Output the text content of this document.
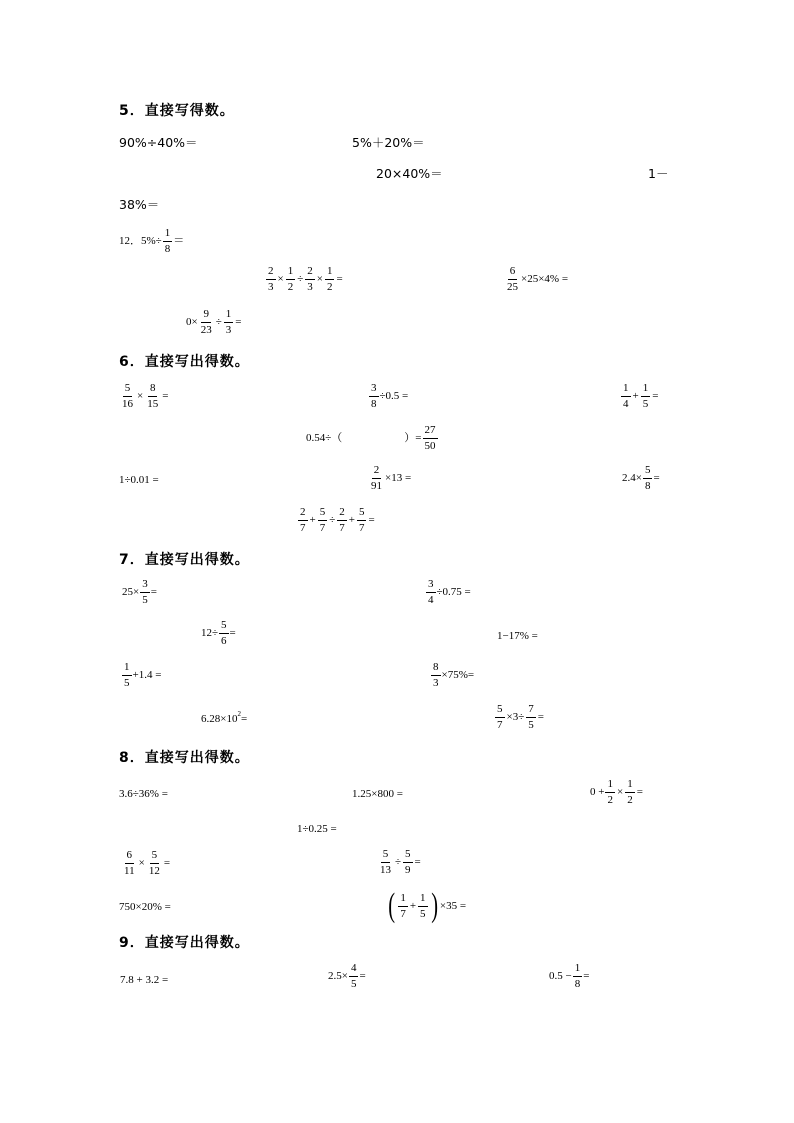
5．直接写得数。
90%÷40%＝	5%＋20%＝
20×40%＝	1－
38%＝
12．$5\%\div \frac{1}{8}$ ＝
$\frac{2}{3} \times \frac{1}{2} \div \frac{2}{3} \times \frac{1}{2}$ =	$\frac{6}{25} \times 25\times 4\%$ =
$0\times \frac{9}{23} \div \frac{1}{3}$ =
6．直接写出得数。
$\frac{5}{16} \times \frac{8}{15}$ =	$\frac{3}{8} \div 0.5$ =	$\frac{1}{4} + \frac{1}{5}$ =
0.54÷（	）= $\frac{27}{50}$
1÷0.01 =	$\frac{2}{91} \times 13$ =	$2.4\times \frac{5}{8}$ =
$\frac{2}{7} + \frac{5}{7} \div \frac{2}{7} + \frac{5}{7}$ =
7．直接写出得数。
$25\times \frac{3}{5}$ =	$\frac{3}{4} \div 0.75$ =
$12\div \frac{5}{6}$ =	1−17% =
$\frac{1}{5} +1.4$ =	$\frac{8}{3} \times 75\%=$
6.28×10 2 =	$\frac{5}{7} \times 3\div \frac{7}{5}$ =
8．直接写出得数。
3.6÷36% =	1.25×800 =	$0 + \frac{1}{2} \times \frac{1}{2}$ =
1÷0.25 =
$\frac{6}{11} \times \frac{5}{12}$ =	$\frac{5}{13} \div \frac{5}{9}$ =
750×20% =	( $\frac{1}{7} + \frac{1}{5}$ ) ×35 =
9．直接写出得数。
7.8 + 3.2 =	$2.5\times \frac{4}{5}$ =	$0.5 - \frac{1}{8}$ =
